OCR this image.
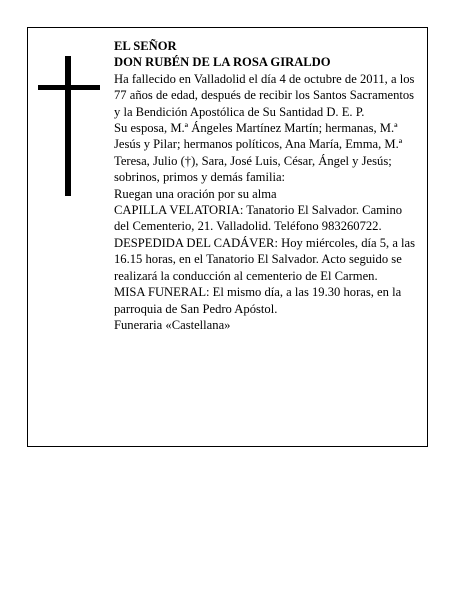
EL SEÑOR

DON RUBÉN DE LA ROSA GIRALDO

Ha fallecido en Valladolid el día 4 de octubre de 2011, a los 77 años de edad, después de recibir los Santos Sacramentos y la Bendición Apostólica de Su Santidad D. E. P.

Su esposa, M.ª Ángeles Martínez Martín; hermanas, M.ª Jesús y Pilar; hermanos políticos, Ana María, Emma, M.ª Teresa, Julio (†), Sara, José Luis, César, Ángel y Jesús; sobrinos, primos y demás familia:

Ruegan una oración por su alma

CAPILLA VELATORIA: Tanatorio El Salvador. Camino del Cementerio, 21. Valladolid. Teléfono 983260722.

DESPEDIDA DEL CADÁVER: Hoy miércoles, día 5, a las 16.15 horas, en el Tanatorio El Salvador. Acto seguido se realizará la conducción al cementerio de El Carmen.

MISA FUNERAL: El mismo día, a las 19.30 horas, en la parroquia de San Pedro Apóstol.

Funeraria «Castellana»
